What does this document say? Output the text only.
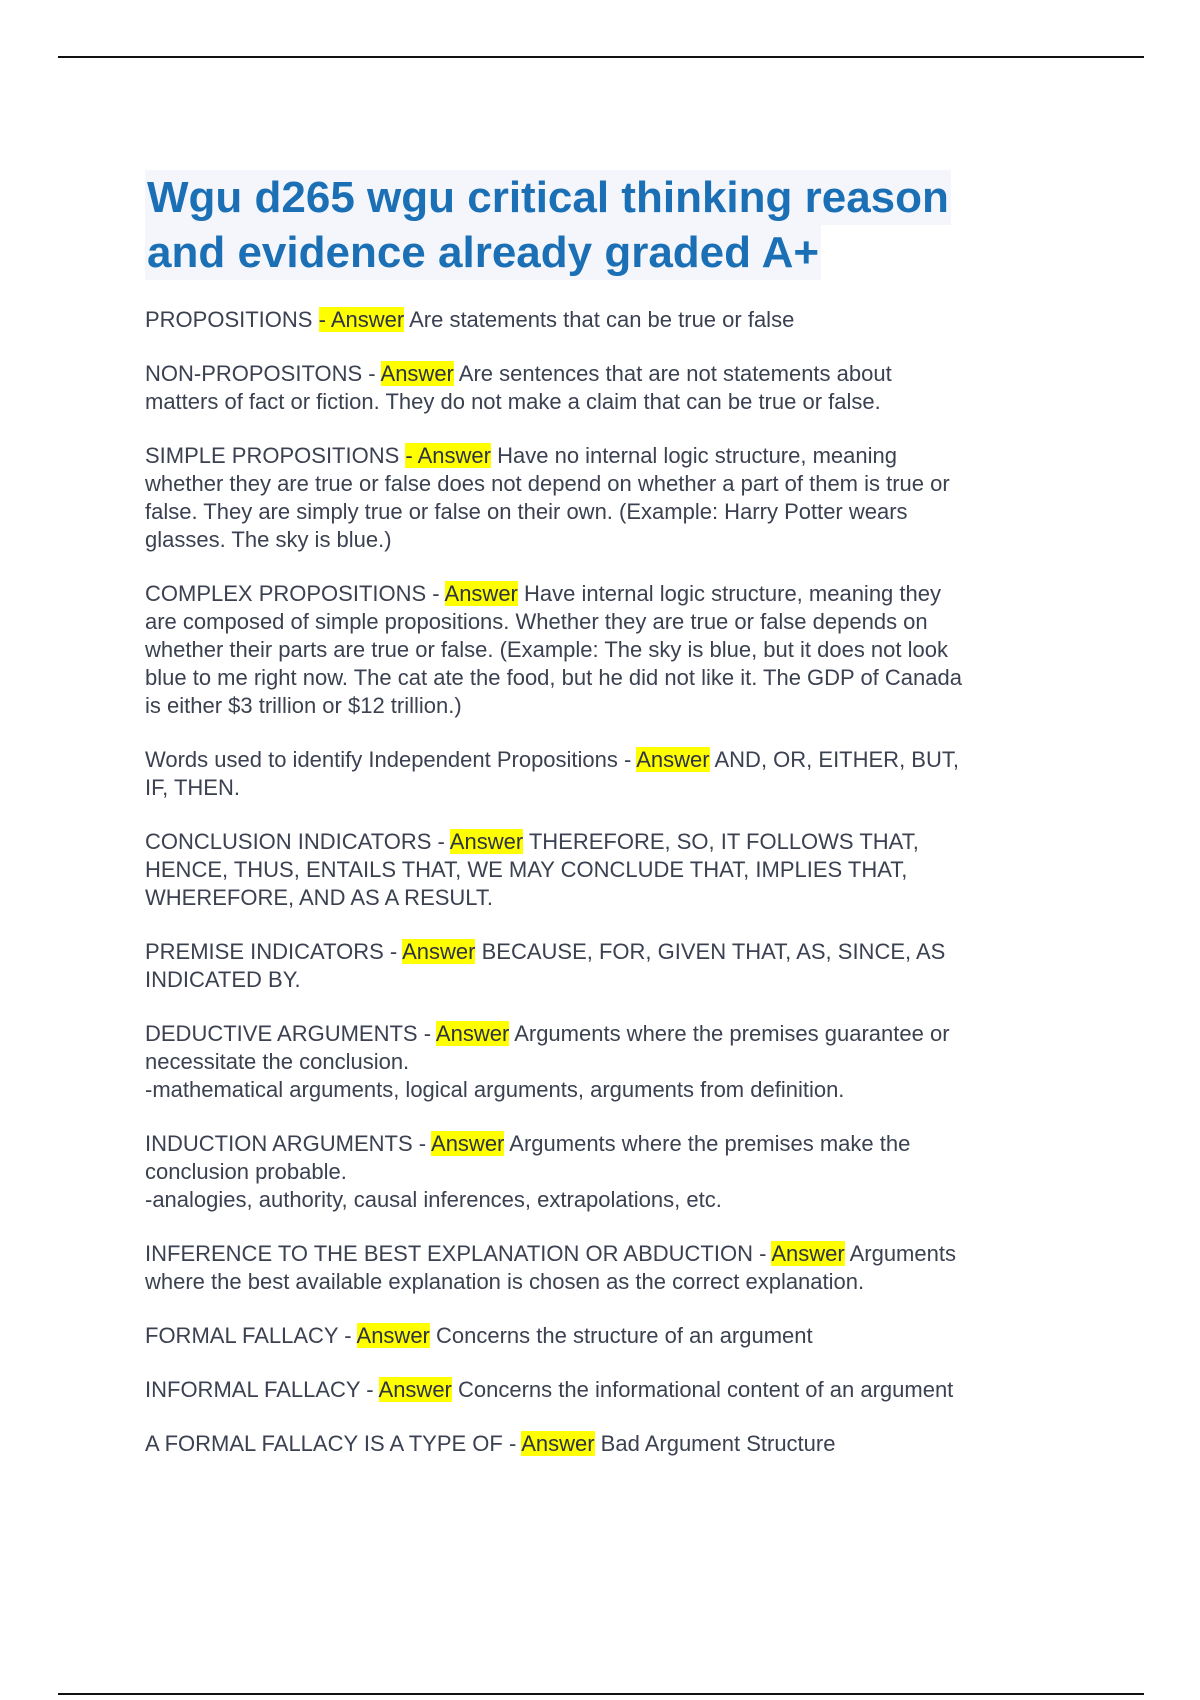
Wgu d265 wgu critical thinking reason
and evidence already graded A+
PROPOSITIONS - Answer Are statements that can be true or false
NON-PROPOSITONS - Answer Are sentences that are not statements about
matters of fact or fiction. They do not make a claim that can be true or false.
SIMPLE PROPOSITIONS - Answer Have no internal logic structure, meaning
whether they are true or false does not depend on whether a part of them is true or
false. They are simply true or false on their own. (Example: Harry Potter wears
glasses. The sky is blue.)
COMPLEX PROPOSITIONS - Answer Have internal logic structure, meaning they
are composed of simple propositions. Whether they are true or false depends on
whether their parts are true or false. (Example: The sky is blue, but it does not look
blue to me right now. The cat ate the food, but he did not like it. The GDP of Canada
is either $3 trillion or $12 trillion.)
Words used to identify Independent Propositions - Answer AND, OR, EITHER, BUT,
IF, THEN.
CONCLUSION INDICATORS - Answer THEREFORE, SO, IT FOLLOWS THAT,
HENCE, THUS, ENTAILS THAT, WE MAY CONCLUDE THAT, IMPLIES THAT,
WHEREFORE, AND AS A RESULT.
PREMISE INDICATORS - Answer BECAUSE, FOR, GIVEN THAT, AS, SINCE, AS
INDICATED BY.
DEDUCTIVE ARGUMENTS - Answer Arguments where the premises guarantee or
necessitate the conclusion.
-mathematical arguments, logical arguments, arguments from definition.
INDUCTION ARGUMENTS - Answer Arguments where the premises make the
conclusion probable.
-analogies, authority, causal inferences, extrapolations, etc.
INFERENCE TO THE BEST EXPLANATION OR ABDUCTION - Answer Arguments
where the best available explanation is chosen as the correct explanation.
FORMAL FALLACY - Answer Concerns the structure of an argument
INFORMAL FALLACY - Answer Concerns the informational content of an argument
A FORMAL FALLACY IS A TYPE OF - Answer Bad Argument Structure
